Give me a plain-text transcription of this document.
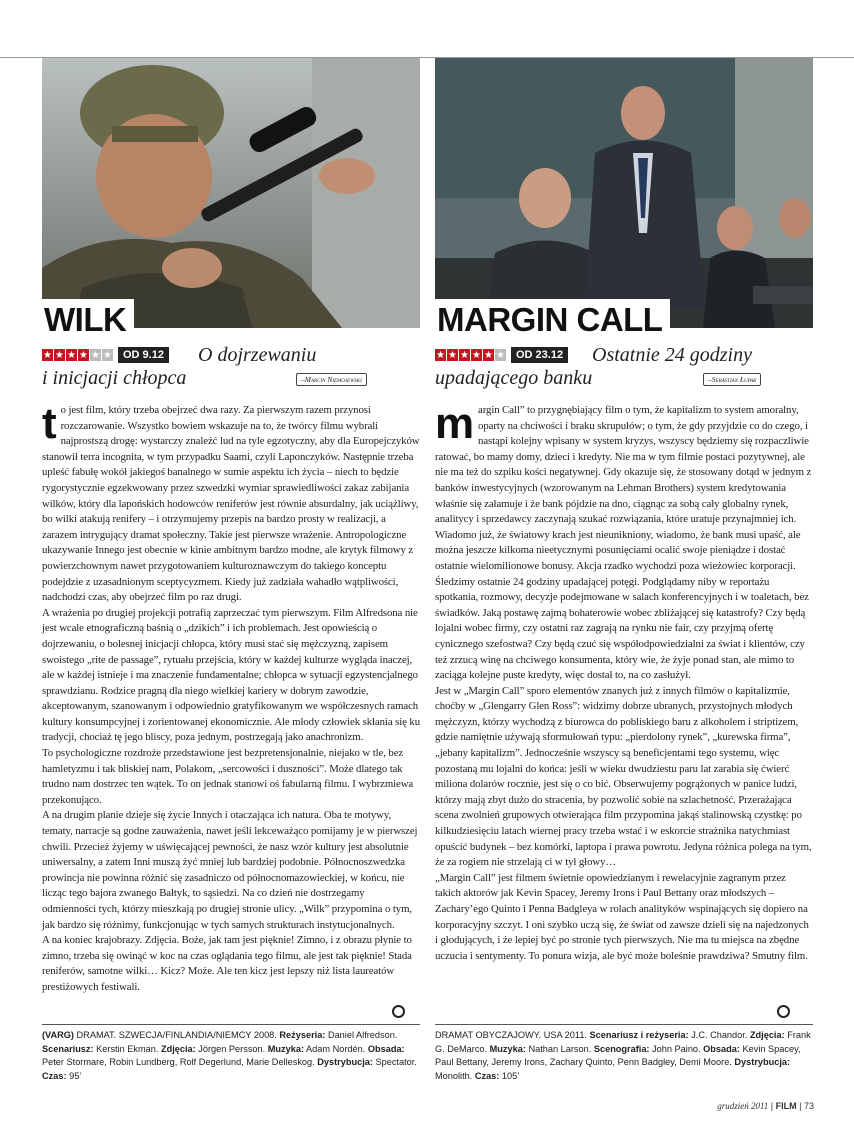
WILK
★ ★ ★ ★ ★ ★	OD 9.12 O dojrzewaniu
i inicjacji chłopca	–Marcin Niemojewski
t o jest film, który trzeba obejrzeć dwa razy. Za pierwszym razem przynosi rozczarowanie. Wszystko bowiem wskazuje na to, że twórcy filmu wybrali najprostszą drogę: wystarczy znaleźć lud na tyle egzotyczny, aby dla Europejczyków stanowił terra incognita, w tym przypadku Saami, czyli Laponczyków. Następnie trzeba upleść fabułę wokół jakiegoś banalnego w sumie aspektu ich życia – niech to będzie rygorystycznie egzekwowany przez szwedzki wymiar sprawiedliwości zakaz zabijania wilków, który dla lapońskich hodowców reniferów jest równie absurdalny, jak uciążliwy, bo wilki atakują renifery – i otrzymujemy przepis na bardzo prosty w realizacji, a zarazem intrygujący dramat społeczny. Takie jest pierwsze wrażenie. Antropologiczne ukazywanie Innego jest obecnie w kinie ambitnym bardzo modne, ale krytyk filmowy z powierzchownym nawet przygotowaniem kulturoznawczym do takiego konceptu podejdzie z uzasadnionym sceptycyzmem. Kiedy już zadziała wahadło wątpliwości, nadchodzi czas, aby obejrzeć film po raz drugi.

A wrażenia po drugiej projekcji potrafią zaprzeczać tym pierwszym. Film Alfredsona nie jest wcale etnograficzną baśnią o „dzikich” i ich problemach. Jest opowieścią o dojrzewaniu, o bolesnej inicjacji chłopca, który musi stać się mężczyzną, zapisem swoistego „rite de passage”, rytuału przejścia, który w każdej kulturze wygląda inaczej, ale w każdej istnieje i ma znaczenie fundamentalne; chłopca w sytuacji egzystencjalnego sprawdzianu. Rodzice pragną dla niego wielkiej kariery w dobrym zawodzie, akceptowanym, szanowanym i odpowiednio gratyfikowanym we współczesnych ramach kultury konsumpcyjnej i zorientowanej ekonomicznie. Ale młody człowiek skłania się ku tradycji, chociaż tę jego bliscy, poza jednym, postrzegają jako anachronizm.

To psychologiczne rozdroże przedstawione jest bezpretensjonalnie, niejako w tle, bez hamletyzmu i tak bliskiej nam, Polakom, „sercowości i duszności”. Może dlatego tak trudno nam dostrzec ten wątek. To on jednak stanowi oś fabularną filmu. I wybrzmiewa przekonująco.

A na drugim planie dzieje się życie Innych i otaczająca ich natura. Oba te motywy, tematy, narracje są godne zauważenia, nawet jeśli lekceważąco pomijamy je w pierwszej chwili. Przecież żyjemy w uświęcającej pewności, że nasz wzór kultury jest absolutnie uniwersalny, a zatem Inni muszą żyć mniej lub bardziej podobnie. Północnoszwedzka prowincja nie powinna różnić się zasadniczo od północnomazowieckiej, w końcu, nie licząc tego bajora zwanego Bałtyk, to sąsiedzi. Na co dzień nie dostrzegamy odmienności tych, którzy mieszkają po drugiej stronie ulicy. „Wilk” przypomina o tym, jak bardzo się różnimy, funkcjonując w tych samych strukturach instytucjonalnych.

A na koniec krajobrazy. Zdjęcia. Boże, jak tam jest pięknie! Zimno, i z obrazu płynie to zimno, trzeba się owinąć w koc na czas oglądania tego filmu, ale jest tak pięknie! Stada reniferów, samotne wilki… Kicz? Może. Ale ten kicz jest lepszy niż lista laureatów prestiżowych festiwali.

(VARG) DRAMAT. SZWECJA/FINLANDIA/NIEMCY 2008. Reżyseria: Daniel Alfredson. Scenariusz: Kerstin Ekman. Zdjęcia: Jörgen Persson. Muzyka: Adam Nordén. Obsada: Peter Stormare, Robin Lundberg, Rolf Degerlund, Marie Delleskog. Dystrybucja: Spectator. Czas: 95’
MARGIN CALL
★ ★ ★ ★ ★ ★	OD 23.12 Ostatnie 24 godziny
upadającego banku	–Sebastian Łupak
m argin Call” to przygnębiający film o tym, że kapitalizm to system amoralny, oparty na chciwości i braku skrupułów; o tym, że gdy przyjdzie co do czego, i nastąpi kolejny wpisany w system kryzys, wszyscy będziemy się rozpaczliwie ratować, bo mamy domy, dzieci i kredyty. Nie ma w tym filmie postaci pozytywnej, ale nie ma też do szpiku kości negatywnej. Gdy okazuje się, że stosowany dotąd w jednym z banków inwestycyjnych (wzorowanym na Lehman Brothers) system kredytowania właśnie się załamuje i że bank pójdzie na dno, ciągnąc za sobą cały globalny rynek, analitycy i sprzedawcy zaczynają szukać rozwiązania, które uratuje przynajmniej ich. Wiadomo już, że światowy krach jest nieunikniony, wiadomo, że bank musi upaść, ale można jeszcze kilkoma nieetycznymi posunięciami ocalić swoje pieniądze i dostać ostatnie wielomilionowe bonusy. Akcja rzadko wychodzi poza wieżowiec korporacji. Śledzimy ostatnie 24 godziny upadającej potęgi. Podglądamy niby w reportażu spotkania, rozmowy, decyzje podejmowane w salach konferencyjnych i w toaletach, bez świadków. Jaką postawę zajmą bohaterowie wobec zbliżającej się katastrofy? Czy będą lojalni wobec firmy, czy ostatni raz zagrają na rynku nie fair, czy przyjmą ofertę cynicznego szefostwa? Czy będą czuć się współodpowiedzialni za świat i klientów, czy też zrzucą winę na chciwego konsumenta, który wie, że żyje ponad stan, ale mimo to zaciąga kolejne puste kredyty, więc dostał to, na co zasłużył.

Jest w „Margin Call” sporo elementów znanych już z innych filmów o kapitalizmie, choćby w „Glengarry Glen Ross”: widzimy dobrze ubranych, przystojnych młodych mężczyzn, którzy wychodzą z biurowca do pobliskiego baru z alkoholem i striptizem, gdzie namiętnie używają sformułowań typu: „pierdolony rynek”, „kurewska firma”, „jebany kapitalizm”. Jednocześnie wszyscy są beneficjentami tego systemu, więc pozostaną mu lojalni do końca: jeśli w wieku dwudziestu paru lat zarabia się ćwierć miliona dolarów rocznie, jest się o co bić. Obserwujemy pogrążonych w panice ludzi, którzy mają zbyt dużo do stracenia, by pozwolić sobie na szlachetność. Przerażająca scena zwolnień grupowych otwierająca film przypomina jakąś stalinowską czystkę: po kilkudziesięciu latach wiernej pracy trzeba wstać i w eskorcie strażnika natychmiast opuścić budynek – bez komórki, laptopa i prawa powrotu. Jedyna różnica polega na tym, że za rogiem nie strzelają ci w tył głowy…

„Margin Call” jest filmem świetnie opowiedzianym i rewelacyjnie zagranym przez takich aktorów jak Kevin Spacey, Jeremy Irons i Paul Bettany oraz młodszych – Zachary’ego Quinto i Penna Badgleya w rolach analityków wspinających się dopiero na korporacyjny szczyt. I oni szybko uczą się, że świat od zawsze dzieli się na najedzonych i głodujących, i że lepiej być po stronie tych pierwszych. Nie ma tu miejsca na zbędne uczucia i sentymenty. To ponura wizja, ale być może boleśnie prawdziwa? Smutny film.

DRAMAT OBYCZAJOWY. USA 2011. Scenariusz i reżyseria: J.C. Chandor. Zdjęcia: Frank G. DeMarco. Muzyka: Nathan Larson. Scenografia: John Paino. Obsada: Kevin Spacey, Paul Bettany, Jeremy Irons, Zachary Quinto, Penn Badgley, Demi Moore. Dystrybucja: Monolith. Czas: 105’
grudzień 2011 | FILM | 73
